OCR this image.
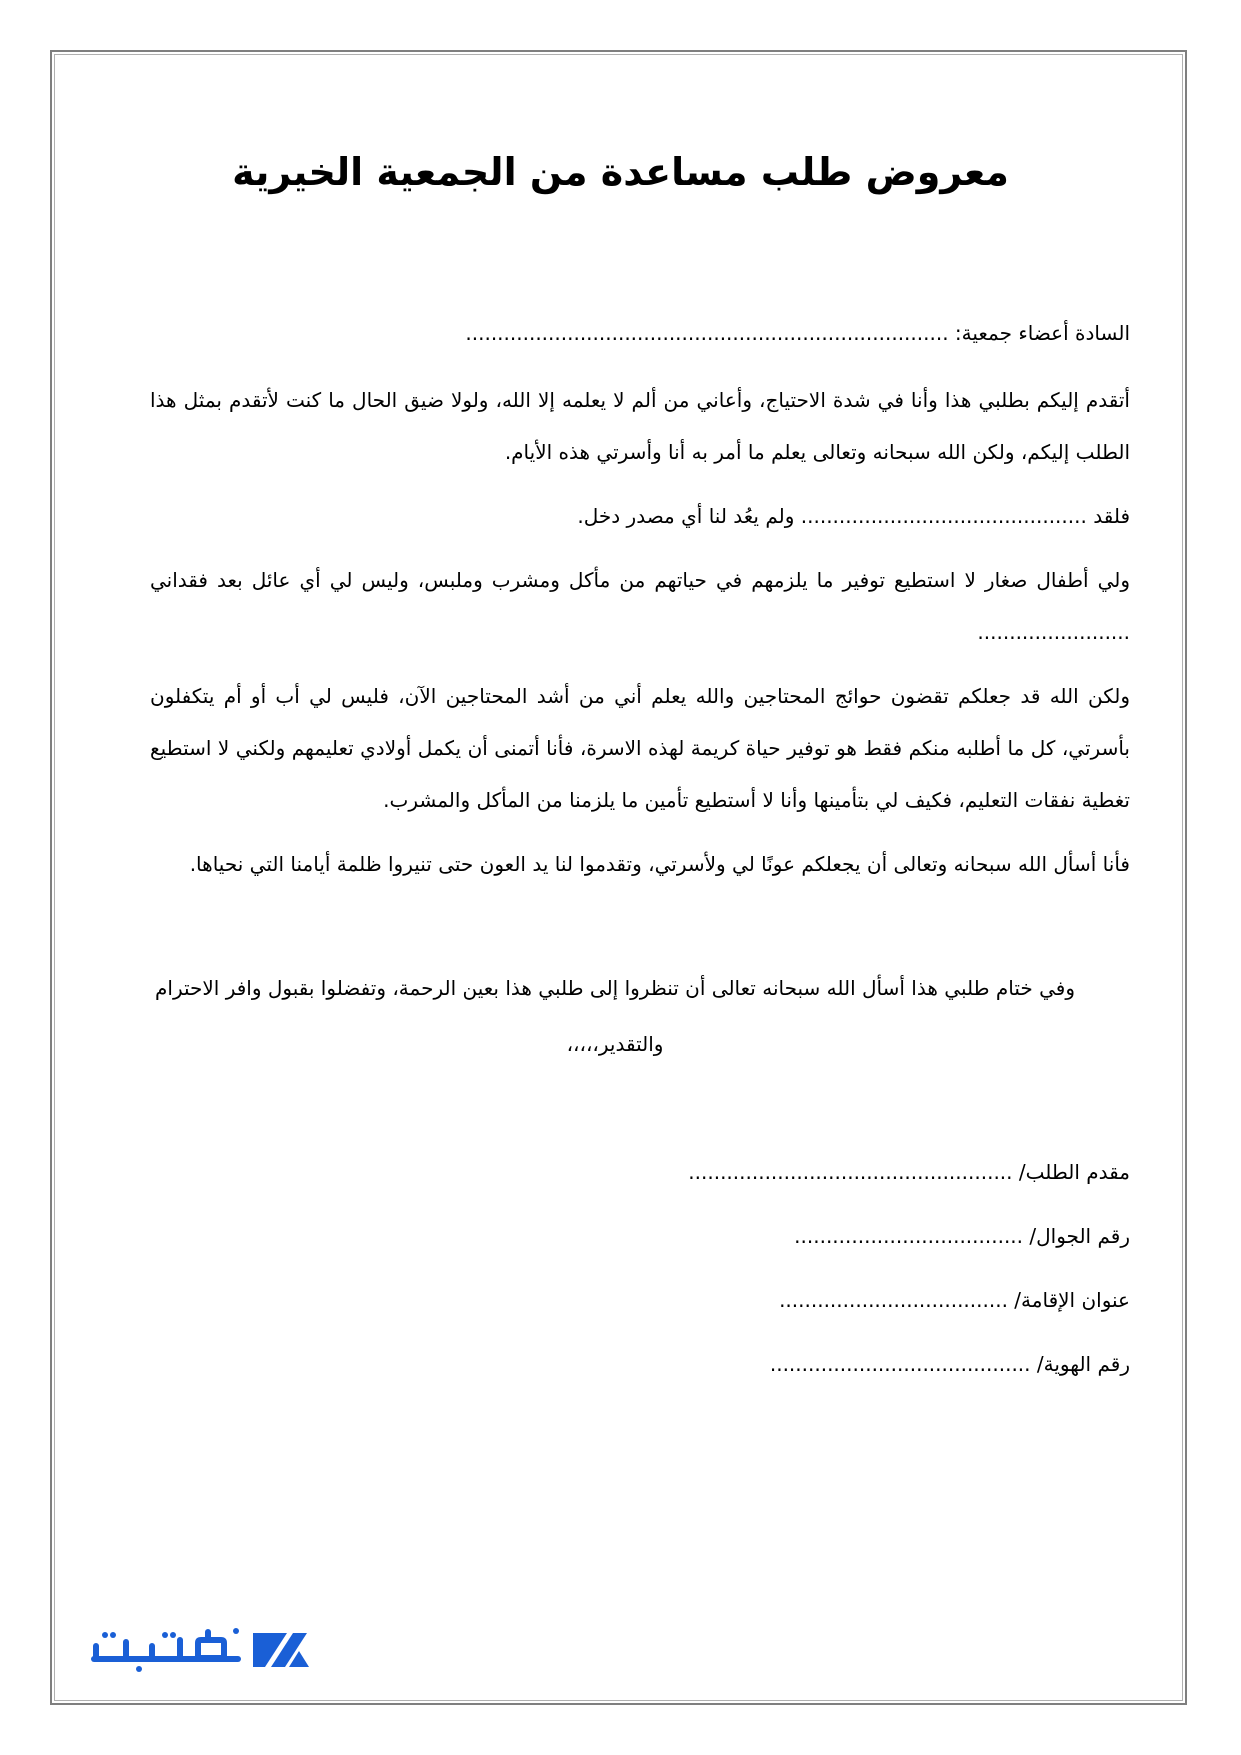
معروض طلب مساعدة من الجمعية الخيرية

السادة أعضاء جمعية: ............................................................................

أتقدم إليكم بطلبي هذا وأنا في شدة الاحتياج، وأعاني من ألم لا يعلمه إلا الله، ولولا ضيق الحال ما كنت لأتقدم بمثل هذا الطلب إليكم، ولكن الله سبحانه وتعالى يعلم ما أمر به أنا وأسرتي هذه الأيام.

فلقد ............................................. ولم يعُد لنا أي مصدر دخل.

ولي أطفال صغار لا استطيع توفير ما يلزمهم في حياتهم من مأكل ومشرب وملبس، وليس لي أي عائل بعد فقداني ........................

ولكن الله قد جعلكم تقضون حوائج المحتاجين والله يعلم أني من أشد المحتاجين الآن، فليس لي أب أو أم يتكفلون بأسرتي، كل ما أطلبه منكم فقط هو توفير حياة كريمة لهذه الاسرة، فأنا أتمنى أن يكمل أولادي تعليمهم ولكني لا استطيع تغطية نفقات التعليم، فكيف لي بتأمينها وأنا لا أستطيع تأمين ما يلزمنا من المأكل والمشرب.

فأنا أسأل الله سبحانه وتعالى أن يجعلكم عونًا لي ولأسرتي، وتقدموا لنا يد العون حتى تنيروا ظلمة أيامنا التي نحياها.

وفي ختام طلبي هذا أسأل الله سبحانه تعالى أن تنظروا إلى طلبي هذا بعين الرحمة، وتفضلوا بقبول وافر الاحترام والتقدير،،،،،
مقدم الطلب/ ...................................................
رقم الجوال/ ....................................
عنوان الإقامة/ ....................................
رقم الهوية/ .........................................
